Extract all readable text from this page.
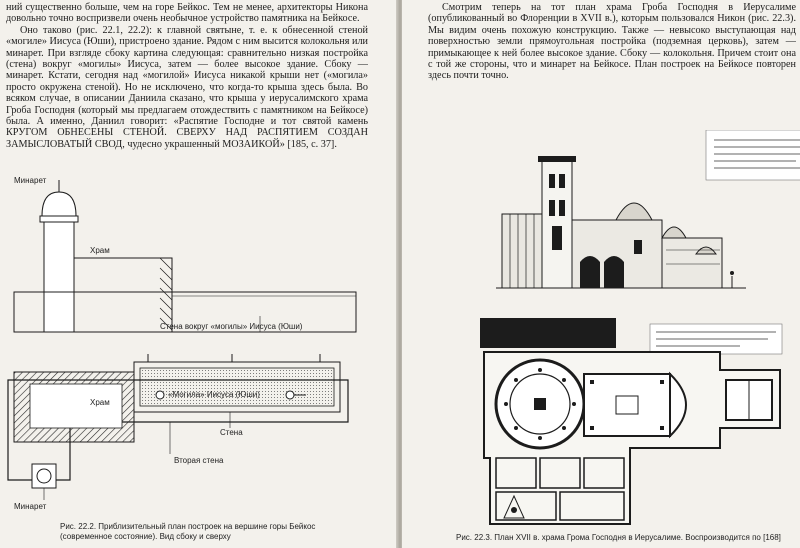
ний существенно больше, чем на горе Бейкос. Тем не менее, архитекторы Никона довольно точно воспризвели очень необычное устройство памятника на Бейкосе.

Оно таково (рис. 22.1, 22.2): к главной святыне, т. е. к обнесенной стеной «могиле» Иисуса (Юши), пристроено здание. Рядом с ним высится колокольня или минарет. При взгляде сбоку картина следующая: сравнительно низкая постройка (стена) вокруг «могилы» Иисуса, затем — более высокое здание. Сбоку — минарет. Кстати, сегодня над «могилой» Иисуса никакой крыши нет («могила» просто окружена стеной). Но не исключено, что когда-то крыша здесь была. Во всяком случае, в описании Даниила сказано, что крыша у иерусалимского храма Гроба Господня (который мы предлагаем отождествить с памятником на Бейкосе) была. А именно, Даниил говорит: «Распятие Господне и тот святой камень КРУГОМ ОБНЕСЕНЫ СТЕНОЙ. СВЕРХУ НАД РАСПЯТИЕМ СОЗДАН ЗАМЫСЛОВАТЫЙ СВОД, чудесно украшенный МОЗАИКОЙ» [185, с. 37].

Минарет
Храм
Стена вокруг «могилы» Иисуса (Юши)
«Могила» Иисуса (Юши)
Храм
Стена
Вторая стена
Минарет
Рис. 22.2. Приблизительный план построек на вершине горы Бейкос (современное состояние). Вид сбоку и сверху
Смотрим теперь на тот план храма Гроба Господня в Иерусалиме (опубликованный во Флоренции в XVII в.), которым пользовался Никон (рис. 22.3). Мы видим очень похожую конструкцию. Также — невысоко выступающая над поверхностью земли прямоугольная постройка (подземная церковь), затем — примыкающее к ней более высокое здание. Сбоку — колокольня. Причем стоит она с той же стороны, что и минарет на Бейкосе. План построек на Бейкосе повторен здесь почти точно.
Рис. 22.3. План XVII в. храма Грома Господня в Иерусалиме. Воспроизводится по [168]
